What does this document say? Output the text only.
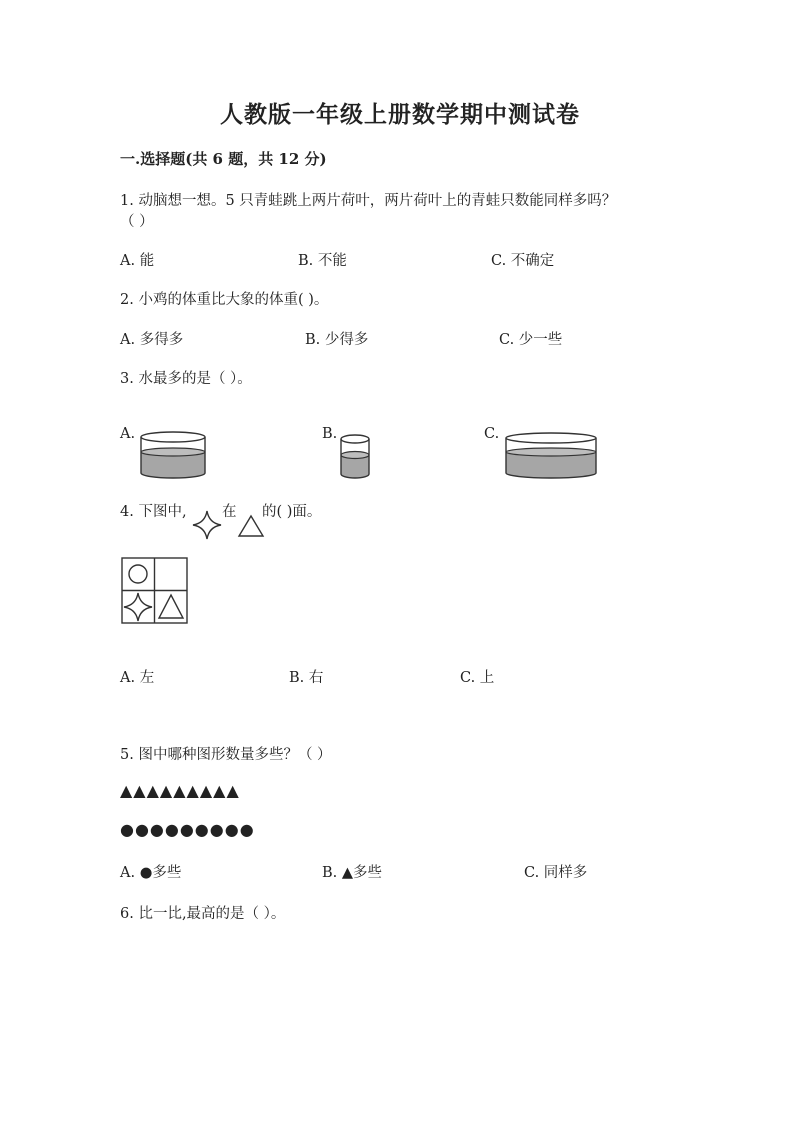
人教版一年级上册数学期中测试卷
一.选择题(共 6 题，共 12 分)
1. 动脑想一想。5 只青蛙跳上两片荷叶，两片荷叶上的青蛙只数能同样多吗？
（ ）
A. 能	B. 不能	C. 不确定
2. 小鸡的体重比大象的体重( )。
A. 多得多	B. 少得多	C. 少一些
3. 水最多的是（ ）。
A.	B.	C.
4. 下图中, 在 的( )面。
A. 左	B. 右	C. 上
5. 图中哪种图形数量多些？（ ）
▲▲▲▲▲▲▲▲▲
●●●●●●●●●
A. ●多些	B. ▲多些	C. 同样多
6. 比一比,最高的是（ ）。
